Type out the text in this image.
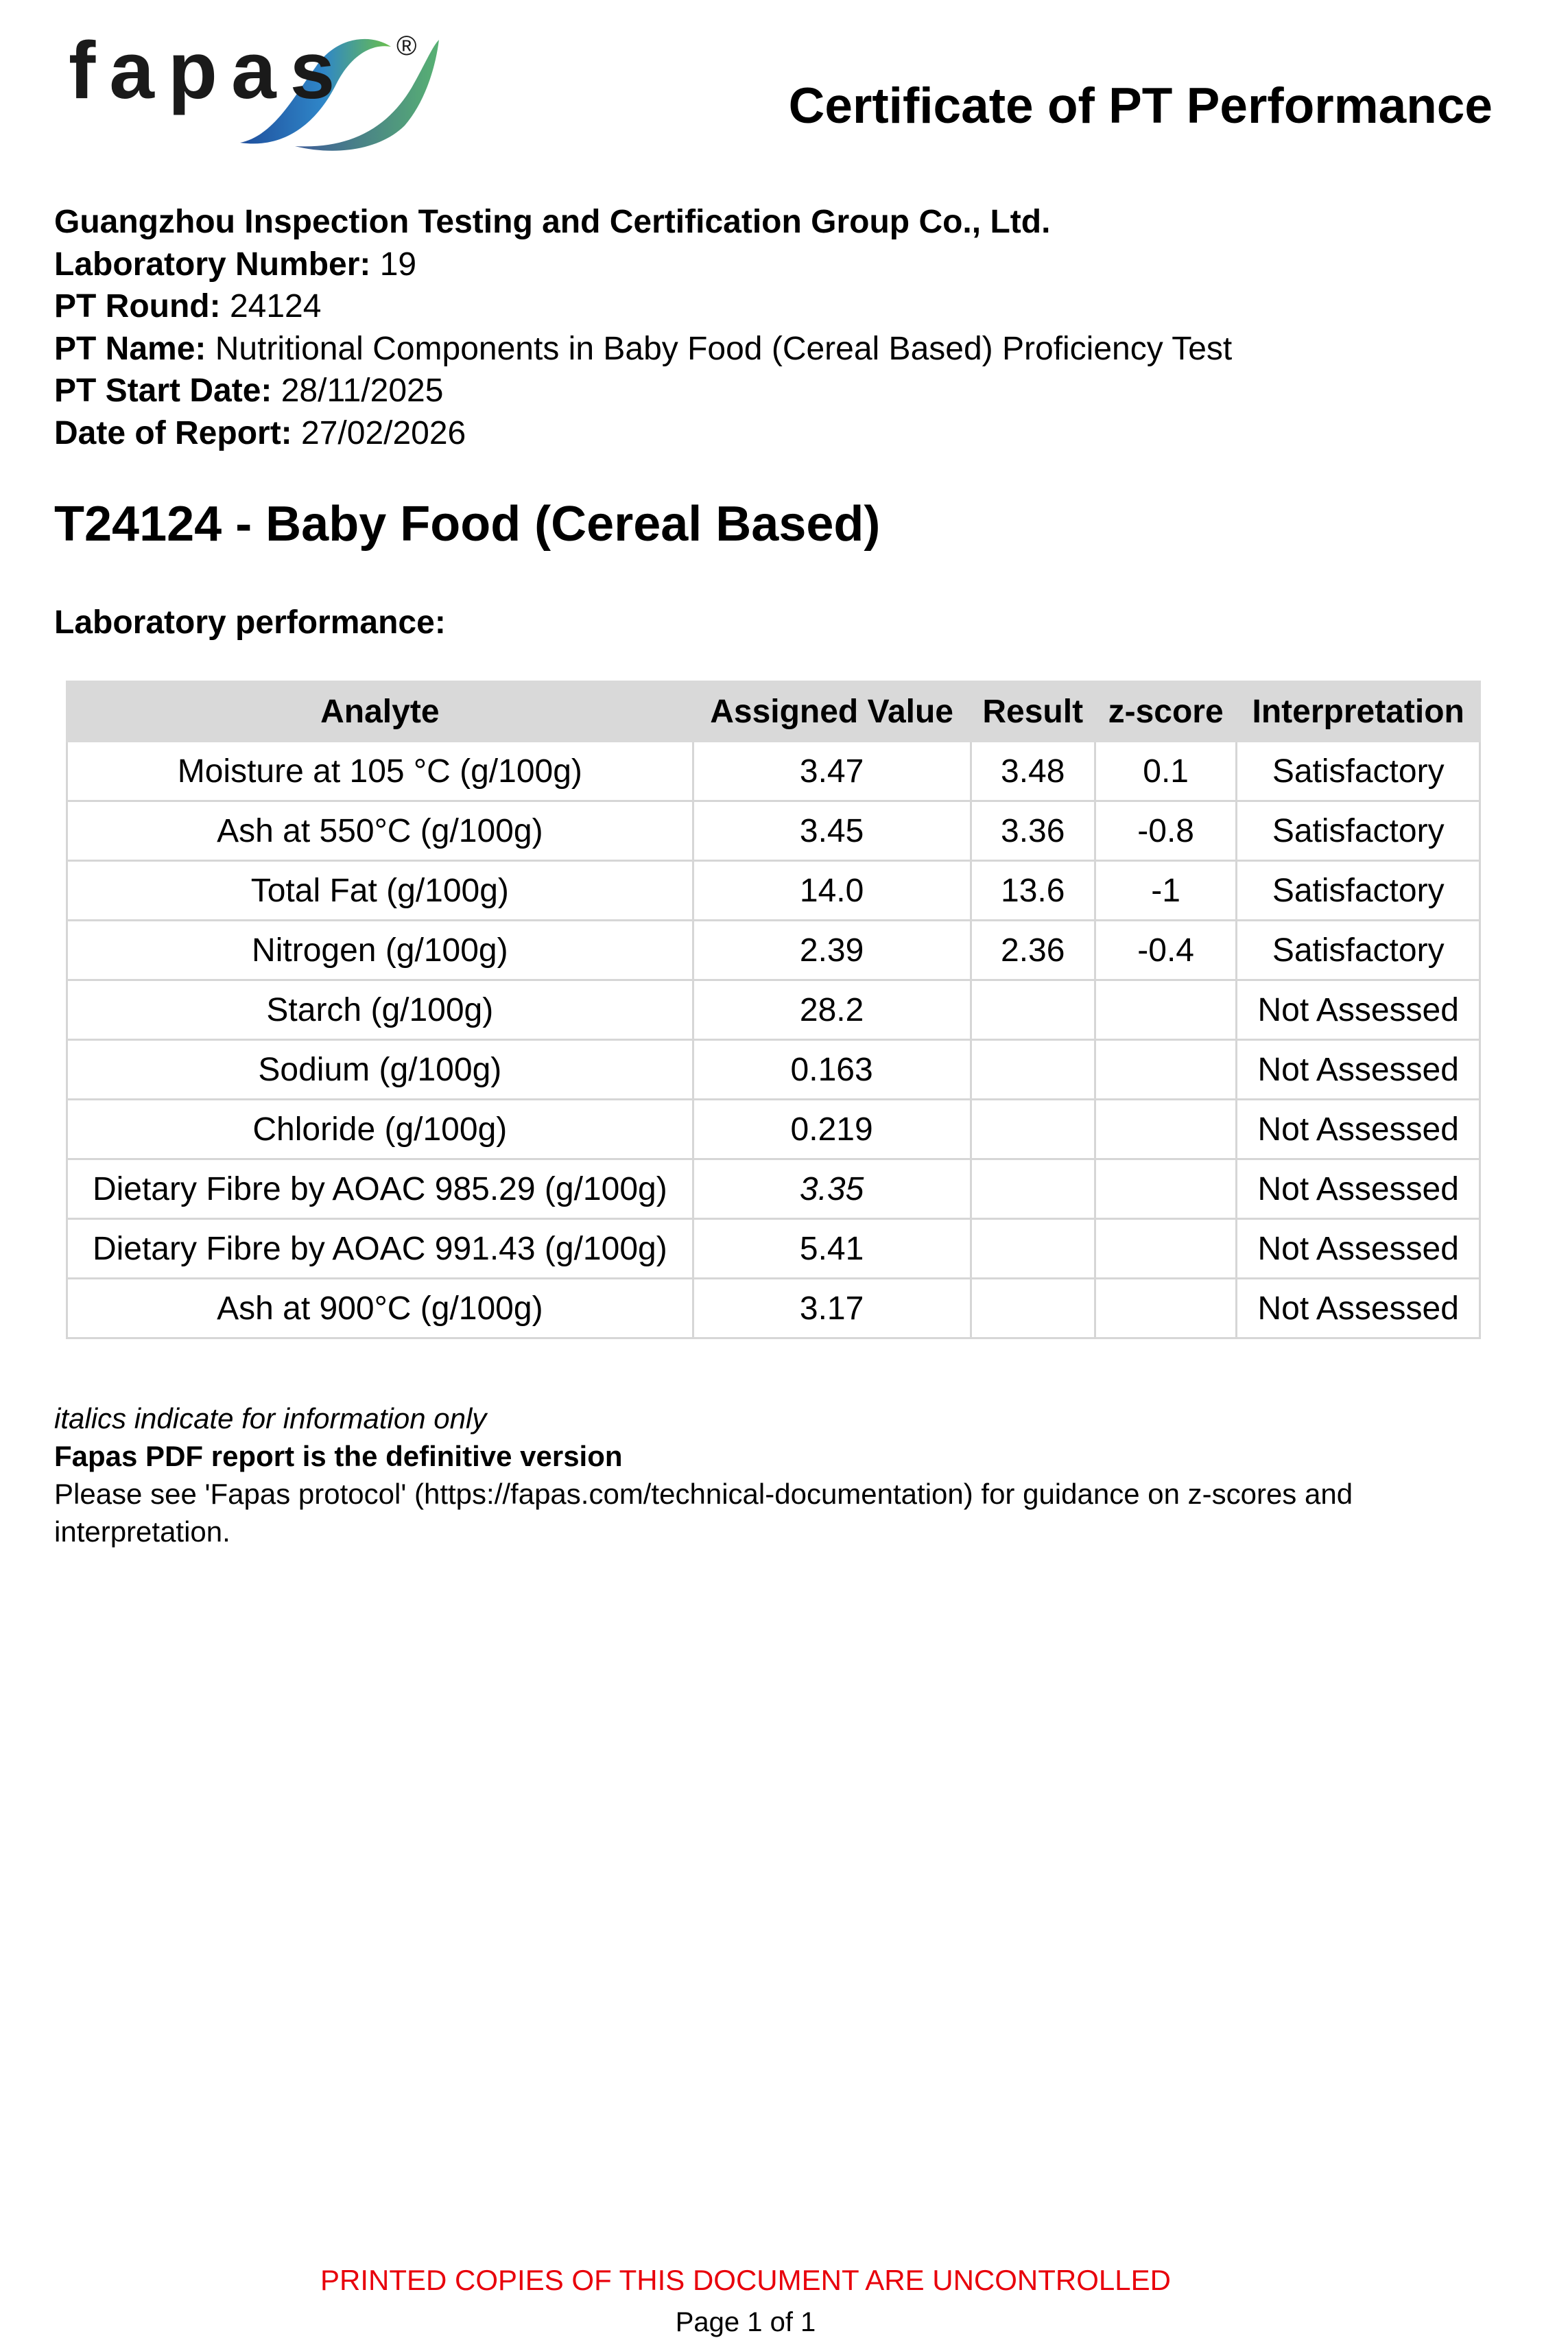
fapas ®
Certificate of PT Performance
Guangzhou Inspection Testing and Certification Group Co., Ltd.
Laboratory Number: 19
PT Round: 24124
PT Name: Nutritional Components in Baby Food (Cereal Based) Proficiency Test
PT Start Date: 28/11/2025
Date of Report: 27/02/2026
T24124 - Baby Food (Cereal Based)
Laboratory performance:
Analyte	Assigned Value	Result	z-score	Interpretation
Moisture at 105 °C (g/100g)	3.47	3.48	0.1	Satisfactory
Ash at 550°C (g/100g)	3.45	3.36	-0.8	Satisfactory
Total Fat (g/100g)	14.0	13.6	-1	Satisfactory
Nitrogen (g/100g)	2.39	2.36	-0.4	Satisfactory
Starch (g/100g)	28.2			Not Assessed
Sodium (g/100g)	0.163			Not Assessed
Chloride (g/100g)	0.219			Not Assessed
Dietary Fibre by AOAC 985.29 (g/100g)	3.35			Not Assessed
Dietary Fibre by AOAC 991.43 (g/100g)	5.41			Not Assessed
Ash at 900°C (g/100g)	3.17			Not Assessed
italics indicate for information only
Fapas PDF report is the definitive version
Please see 'Fapas protocol' (https://fapas.com/technical-documentation) for guidance on z-scores and interpretation.
PRINTED COPIES OF THIS DOCUMENT ARE UNCONTROLLED
Page 1 of 1
